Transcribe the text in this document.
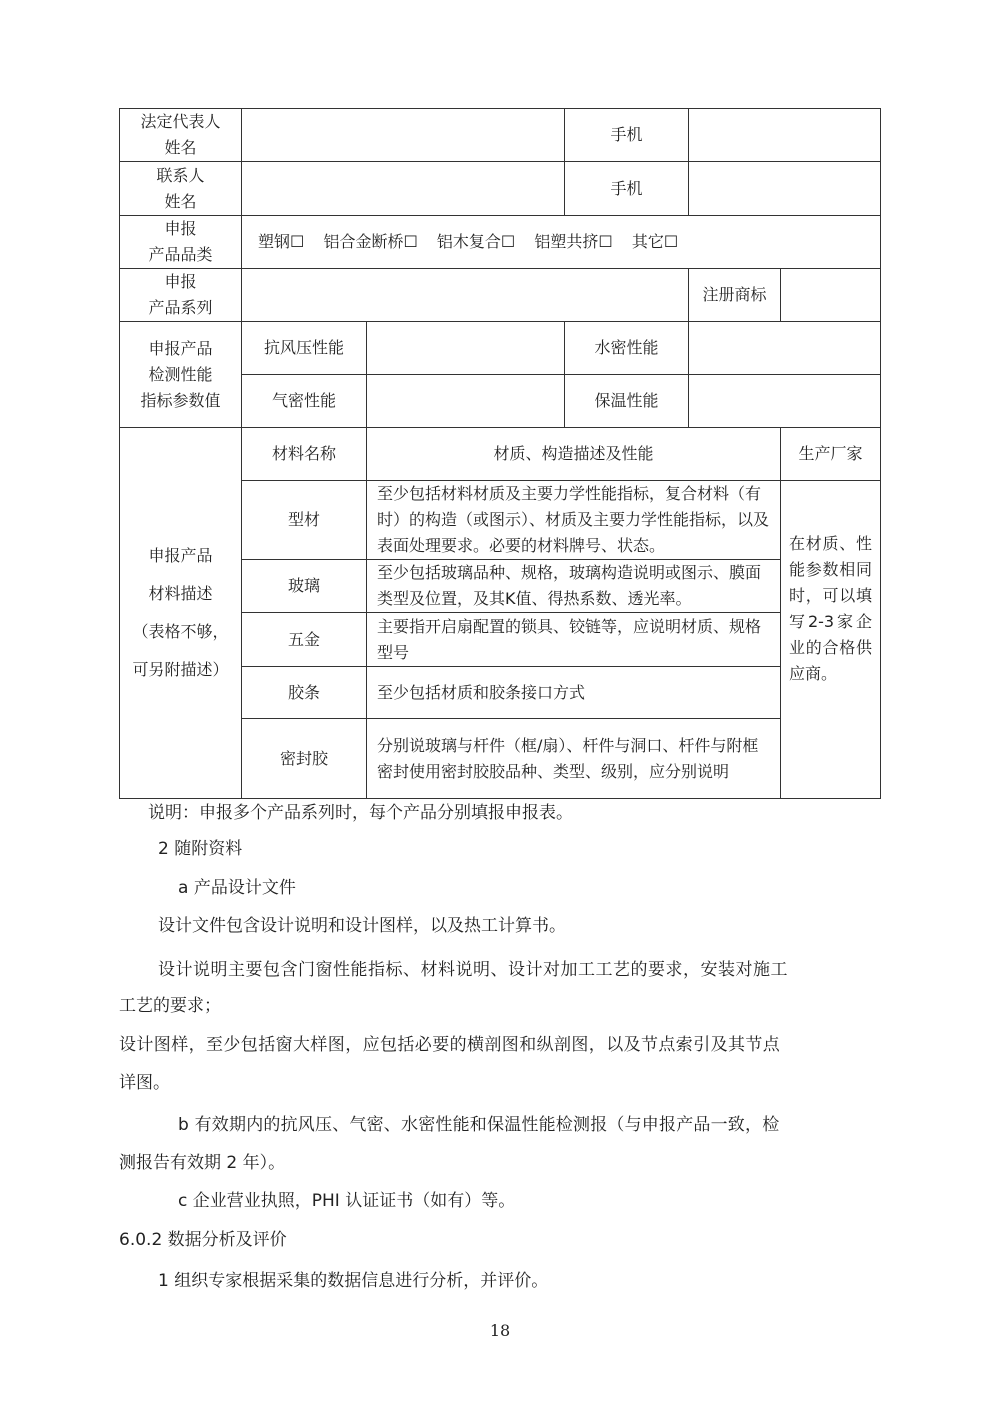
法定代表人
姓名			手机		
联系人
姓名			手机		
申报
产品品类	塑钢☐ 铝合金断桥☐ 铝木复合☐ 铝塑共挤☐ 其它☐				
申报
产品系列				注册商标	
申报产品
检测性能
指标参数值	抗风压性能		水密性能		
	气密性能		保温性能		
申报产品
材料描述
（表格不够，
可另附描述）	材料名称	材质、构造描述及性能			生产厂家
	型材	至少包括材料材质及主要力学性能指标，复合材料（有时）的构造（或图示）、材质及主要力学性能指标，以及表面处理要求。必要的材料牌号、状态。			在材质、性能参数相同时，可以填写2-3家企业的合格供应商。
	玻璃	至少包括玻璃品种、规格，玻璃构造说明或图示、膜面类型及位置，及其K值、得热系数、透光率。			
	五金	主要指开启扇配置的锁具、铰链等，应说明材质、规格型号			
	胶条	至少包括材质和胶条接口方式			
	密封胶	分别说玻璃与杆件（框/扇）、杆件与洞口、杆件与附框密封使用密封胶胶品种、类型、级别，应分别说明			
说明：申报多个产品系列时，每个产品分别填报申报表。
2 随附资料
a 产品设计文件
设计文件包含设计说明和设计图样，以及热工计算书。
设计说明主要包含门窗性能指标、材料说明、设计对加工工艺的要求，安装对施工
工艺的要求；
设计图样，至少包括窗大样图，应包括必要的横剖图和纵剖图，以及节点索引及其节点
详图。
b 有效期内的抗风压、气密、水密性能和保温性能检测报（与申报产品一致，检
测报告有效期 2 年）。
c 企业营业执照，PHI 认证证书（如有）等。
6.0.2 数据分析及评价
1 组织专家根据采集的数据信息进行分析，并评价。
18
